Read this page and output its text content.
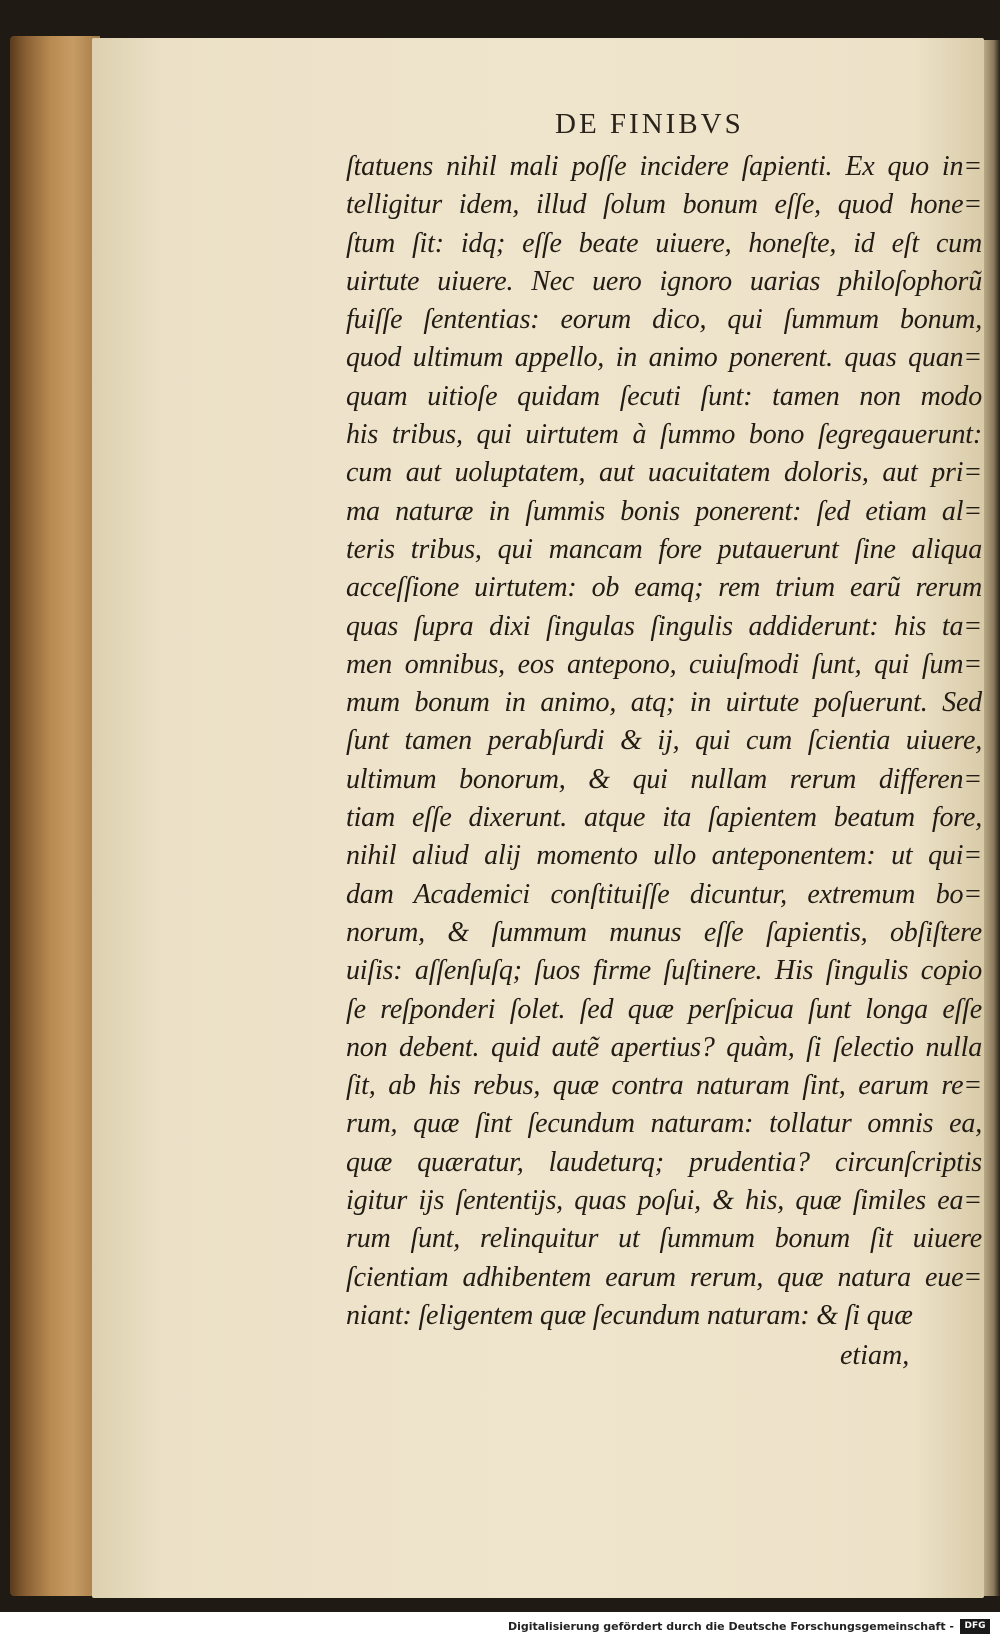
DE FINIBVS
ſtatuens nihil mali poſſe incidere ſapienti. Ex quo in=
telligitur idem, illud ſolum bonum eſſe, quod hone=
ſtum ſit: idq; eſſe beate uiuere, honeſte, id eſt cum
uirtute uiuere. Nec uero ignoro uarias philoſophorũ
fuiſſe ſententias: eorum dico, qui ſummum bonum,
quod ultimum appello, in animo ponerent. quas quan=
quam uitioſe quidam ſecuti ſunt: tamen non modo
his tribus, qui uirtutem à ſummo bono ſegregauerunt:
cum aut uoluptatem, aut uacuitatem doloris, aut pri=
ma naturæ in ſummis bonis ponerent: ſed etiam al=
teris tribus, qui mancam fore putauerunt ſine aliqua
acceſſione uirtutem: ob eamq; rem trium earũ rerum
quas ſupra dixi ſingulas ſingulis addiderunt: his ta=
men omnibus, eos antepono, cuiuſmodi ſunt, qui ſum=
mum bonum in animo, atq; in uirtute poſuerunt. Sed
ſunt tamen perabſurdi & ij, qui cum ſcientia uiuere,
ultimum bonorum, & qui nullam rerum differen=
tiam eſſe dixerunt. atque ita ſapientem beatum fore,
nihil aliud alij momento ullo anteponentem: ut qui=
dam Academici conſtituiſſe dicuntur, extremum bo=
norum, & ſummum munus eſſe ſapientis, obſiſtere
uiſis: aſſenſuſq; ſuos firme ſuſtinere. His ſingulis copio
ſe reſponderi ſolet. ſed quæ perſpicua ſunt longa eſſe
non debent. quid autẽ apertius? quàm, ſi ſelectio nulla
ſit, ab his rebus, quæ contra naturam ſint, earum re=
rum, quæ ſint ſecundum naturam: tollatur omnis ea,
quæ quæratur, laudeturq; prudentia? circunſcriptis
igitur ijs ſententijs, quas poſui, & his, quæ ſimiles ea=
rum ſunt, relinquitur ut ſummum bonum ſit uiuere
ſcientiam adhibentem earum rerum, quæ natura eue=
niant: ſeligentem quæ ſecundum naturam: & ſi quæ
etiam,
Digitalisierung gefördert durch die Deutsche Forschungsgemeinschaft -	DFG
